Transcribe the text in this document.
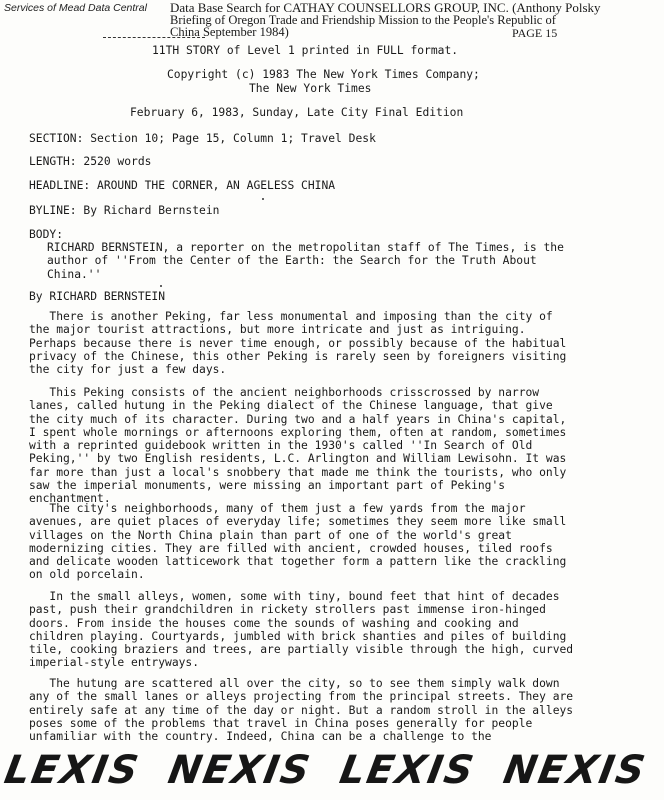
Services of Mead Data Central Data Base Search for CATHAY COUNSELLORS GROUP, INC. (Anthony Polsky
Briefing of Oregon Trade and Friendship Mission to the People's Republic of
China September 1984)	PAGE 15
11TH STORY of Level 1 printed in FULL format.
Copyright (c) 1983 The New York Times Company;
The New York Times
February 6, 1983, Sunday, Late City Final Edition
SECTION: Section 10; Page 15, Column 1; Travel Desk
LENGTH: 2520 words
HEADLINE: AROUND THE CORNER, AN AGELESS CHINA
BYLINE: By Richard Bernstein
BODY:
RICHARD BERNSTEIN, a reporter on the metropolitan staff of The Times, is the
author of ''From the Center of the Earth: the Search for the Truth About
China.''
By RICHARD BERNSTEIN
There is another Peking, far less monumental and imposing than the city of
the major tourist attractions, but more intricate and just as intriguing.
Perhaps because there is never time enough, or possibly because of the habitual
privacy of the Chinese, this other Peking is rarely seen by foreigners visiting
the city for just a few days.
This Peking consists of the ancient neighborhoods crisscrossed by narrow
lanes, called hutung in the Peking dialect of the Chinese language, that give
the city much of its character. During two and a half years in China's capital,
I spent whole mornings or afternoons exploring them, often at random, sometimes
with a reprinted guidebook written in the 1930's called ''In Search of Old
Peking,'' by two English residents, L.C. Arlington and William Lewisohn. It was
far more than just a local's snobbery that made me think the tourists, who only
saw the imperial monuments, were missing an important part of Peking's
enchantment.
The city's neighborhoods, many of them just a few yards from the major
avenues, are quiet places of everyday life; sometimes they seem more like small
villages on the North China plain than part of one of the world's great
modernizing cities. They are filled with ancient, crowded houses, tiled roofs
and delicate wooden latticework that together form a pattern like the crackling
on old porcelain.
In the small alleys, women, some with tiny, bound feet that hint of decades
past, push their grandchildren in rickety strollers past immense iron-hinged
doors. From inside the houses come the sounds of washing and cooking and
children playing. Courtyards, jumbled with brick shanties and piles of building
tile, cooking braziers and trees, are partially visible through the high, curved
imperial-style entryways.
The hutung are scattered all over the city, so to see them simply walk down
any of the small lanes or alleys projecting from the principal streets. They are
entirely safe at any time of the day or night. But a random stroll in the alleys
poses some of the problems that travel in China poses generally for people
unfamiliar with the country. Indeed, China can be a challenge to the
LEXIS NEXIS LEXIS NEXIS
